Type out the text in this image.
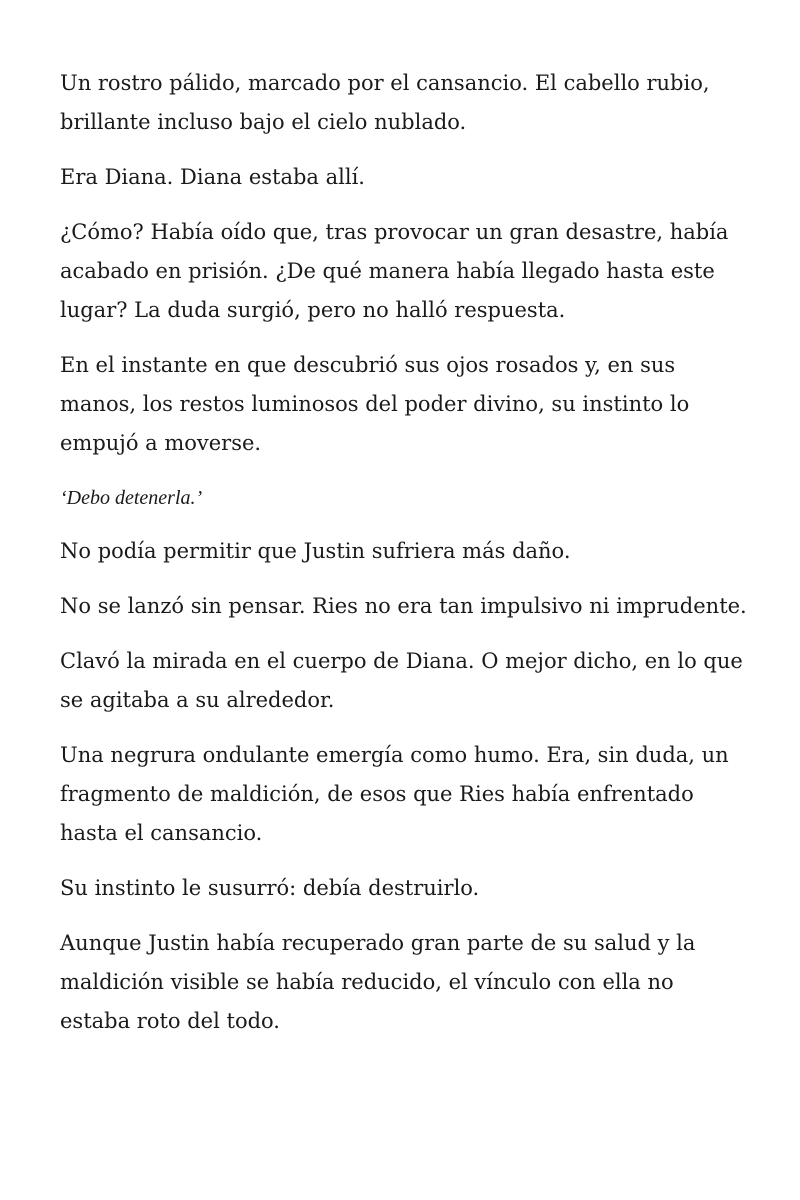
Un rostro pálido, marcado por el cansancio. El cabello rubio, brillante incluso bajo el cielo nublado.

Era Diana. Diana estaba allí.

¿Cómo? Había oído que, tras provocar un gran desastre, había acabado en prisión. ¿De qué manera había llegado hasta este lugar? La duda surgió, pero no halló respuesta.

En el instante en que descubrió sus ojos rosados y, en sus manos, los restos luminosos del poder divino, su instinto lo empujó a moverse.

‘Debo detenerla.’

No podía permitir que Justin sufriera más daño.

No se lanzó sin pensar. Ries no era tan impulsivo ni imprudente.

Clavó la mirada en el cuerpo de Diana. O mejor dicho, en lo que se agitaba a su alrededor.

Una negrura ondulante emergía como humo. Era, sin duda, un fragmento de maldición, de esos que Ries había enfrentado hasta el cansancio.

Su instinto le susurró: debía destruirlo.

Aunque Justin había recuperado gran parte de su salud y la maldición visible se había reducido, el vínculo con ella no estaba roto del todo.
